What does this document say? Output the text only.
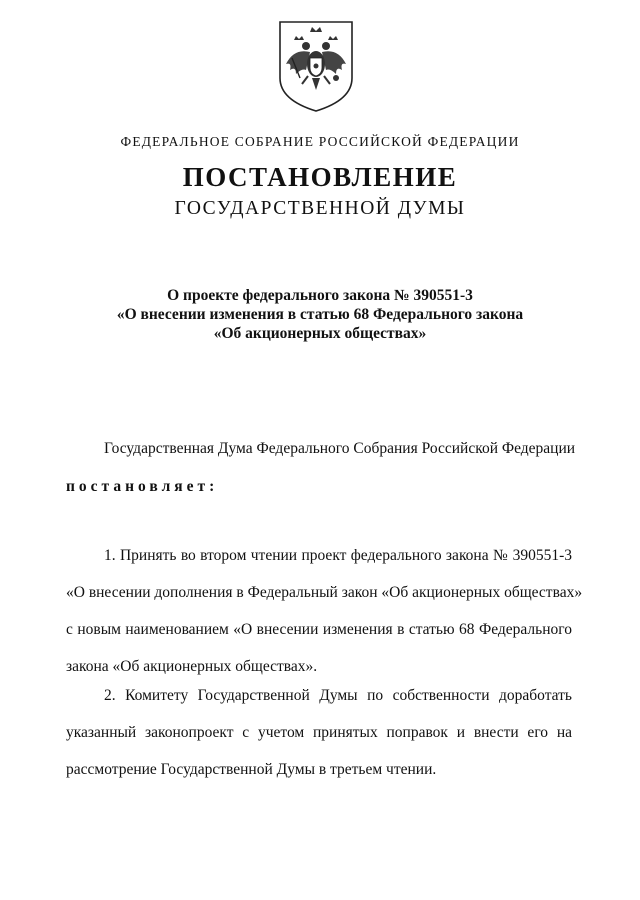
ФЕДЕРАЛЬНОЕ СОБРАНИЕ РОССИЙСКОЙ ФЕДЕРАЦИИ
ПОСТАНОВЛЕНИЕ
ГОСУДАРСТВЕННОЙ ДУМЫ
О проекте федерального закона № 390551-3
«О внесении изменения в статью 68 Федерального закона
«Об акционерных обществах»
Государственная Дума Федерального Собрания Российской Федерации
постановляет:
1. Принять во втором чтении проект федерального закона № 390551-3
«О внесении дополнения в Федеральный закон «Об акционерных обществах»
с новым наименованием «О внесении изменения в статью 68 Федерального
закона «Об акционерных обществах».
2. Комитету Государственной Думы по собственности доработать
указанный законопроект с учетом принятых поправок и внести его на
рассмотрение Государственной Думы в третьем чтении.
